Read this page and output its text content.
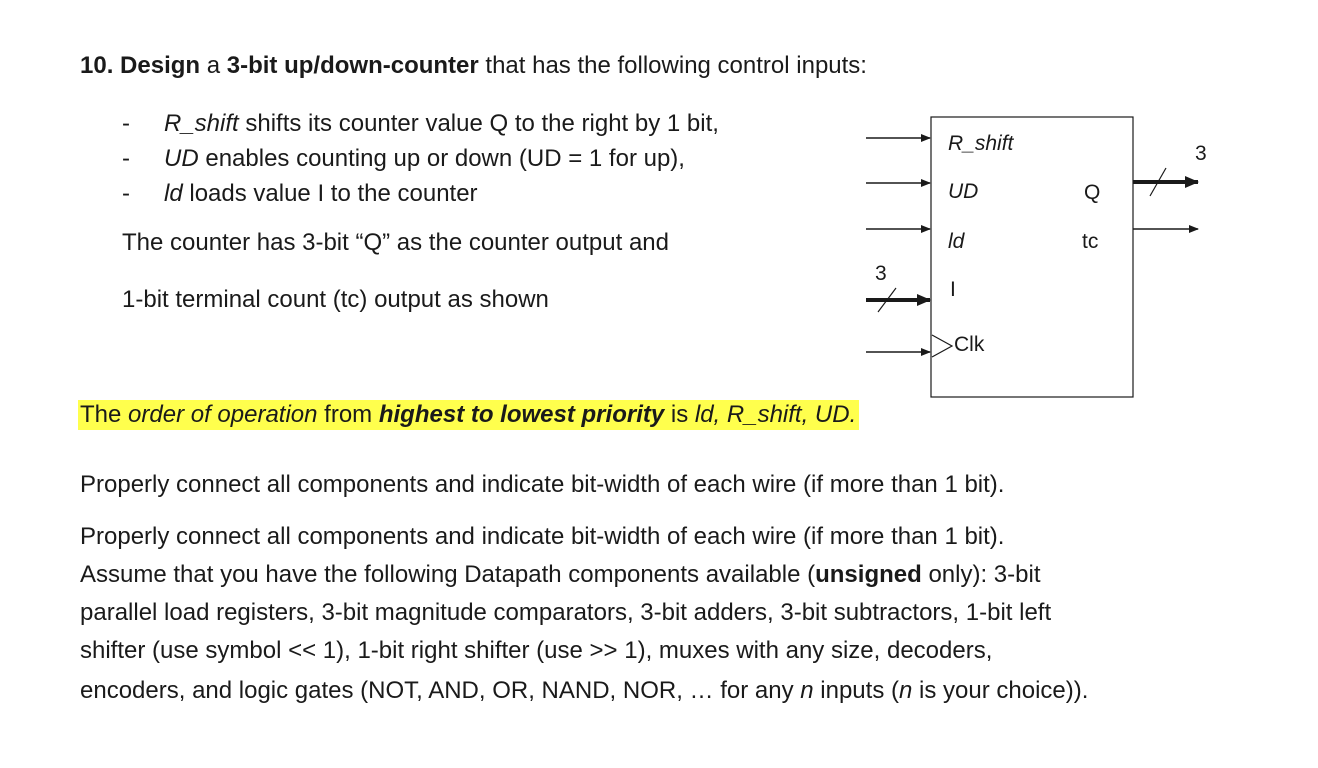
10. Design a 3-bit up/down-counter that has the following control inputs:
- R_shift shifts its counter value Q to the right by 1 bit,
- UD enables counting up or down (UD = 1 for up),
- ld loads value I to the counter
The counter has 3-bit “Q” as the counter output and
1-bit terminal count (tc) output as shown
The order of operation from highest to lowest priority is ld, R_shift, UD.
Properly connect all components and indicate bit-width of each wire (if more than 1 bit).
Properly connect all components and indicate bit-width of each wire (if more than 1 bit).
Assume that you have the following Datapath components available (unsigned only): 3-bit
parallel load registers, 3-bit magnitude comparators, 3-bit adders, 3-bit subtractors, 1-bit left
shifter (use symbol << 1), 1-bit right shifter (use >> 1), muxes with any size, decoders,
encoders, and logic gates (NOT, AND, OR, NAND, NOR, … for any n inputs (n is your choice)).
3
R_shift
UD
ld
I
Clk
Q
tc
3
